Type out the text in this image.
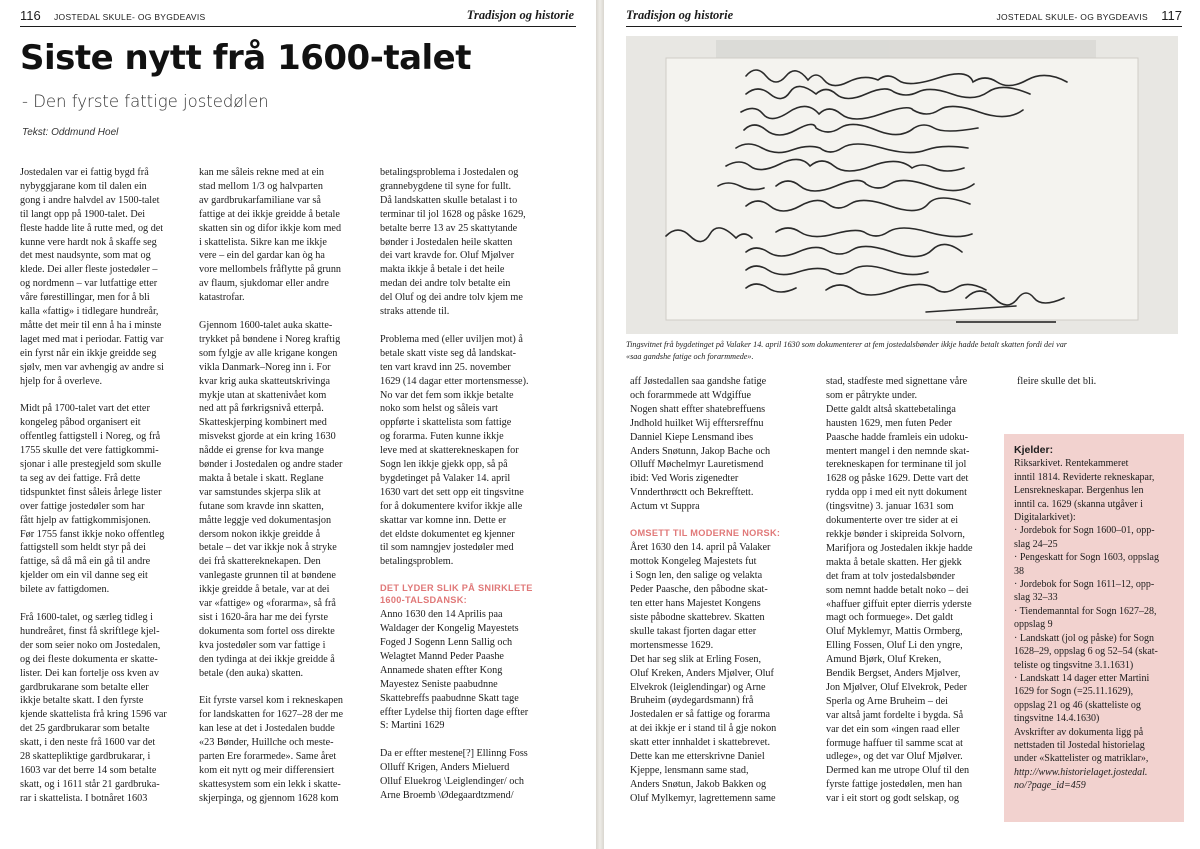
116 JOSTEDAL SKULE- OG BYGDEAVIS	Tradisjon og historie
Siste nytt frå 1600-talet
- Den fyrste fattige jostedølen
Tekst: Oddmund Hoel
Jostedalen var ei fattig bygd frå
nybyggjarane kom til dalen ein
gong i andre halvdel av 1500-talet
til langt opp på 1900-talet. Dei
fleste hadde lite å rutte med, og det
kunne vere hardt nok å skaffe seg
det mest naudsynte, som mat og
klede. Dei aller fleste jostedøler –
og nordmenn – var lutfattige etter
våre førestillingar, men for å bli
kalla «fattig» i tidlegare hundreår,
måtte det meir til enn å ha i minste
laget med mat i periodar. Fattig var
ein fyrst når ein ikkje greidde seg
sjølv, men var avhengig av andre si
hjelp for å overleve.

Midt på 1700-talet vart det etter
kongeleg påbod organisert eit
offentleg fattigstell i Noreg, og frå
1755 skulle det vere fattigkommi-
sjonar i alle prestegjeld som skulle
ta seg av dei fattige. Frå dette
tidspunktet finst såleis årlege lister
over fattige jostedøler som har
fått hjelp av fattigkommisjonen.
Før 1755 fanst ikkje noko offentleg
fattigstell som heldt styr på dei
fattige, så då må ein gå til andre
kjelder om ein vil danne seg eit
bilete av fattigdomen.

Frå 1600-talet, og særleg tidleg i
hundreåret, finst få skriftlege kjel-
der som seier noko om Jostedalen,
og dei fleste dokumenta er skatte-
lister. Dei kan fortelje oss kven av
gardbrukarane som betalte eller
ikkje betalte skatt. I den fyrste
kjende skattelista frå kring 1596 var
det 25 gardbrukarar som betalte
skatt, i den neste frå 1600 var det
28 skattepliktige gardbrukarar, i
1603 var det berre 14 som betalte
skatt, og i 1611 står 21 gardbruka-
rar i skattelista. I botnåret 1603
kan me såleis rekne med at ein
stad mellom 1/3 og halvparten
av gardbrukarfamiliane var så
fattige at dei ikkje greidde å betale
skatten sin og difor ikkje kom med
i skattelista. Sikre kan me ikkje
vere – ein del gardar kan òg ha
vore mellombels fråflytte på grunn
av flaum, sjukdomar eller andre
katastrofar.

Gjennom 1600-talet auka skatte-
trykket på bøndene i Noreg kraftig
som fylgje av alle krigane kongen
vikla Danmark–Noreg inn i. For
kvar krig auka skatteutskrivinga
mykje utan at skattenivået kom
ned att på førkrigsnivå etterpå.
Skatteskjerping kombinert med
misvekst gjorde at ein kring 1630
nådde ei grense for kva mange
bønder i Jostedalen og andre stader
makta å betale i skatt. Reglane
var samstundes skjerpa slik at
futane som kravde inn skatten,
måtte leggje ved dokumentasjon
dersom nokon ikkje greidde å
betale – det var ikkje nok å stryke
dei frå skattereknekapen. Den
vanlegaste grunnen til at bøndene
ikkje greidde å betale, var at dei
var «fattige» og «forarma», så frå
sist i 1620-åra har me dei fyrste
dokumenta som fortel oss direkte
kva jostedøler som var fattige i
den tydinga at dei ikkje greidde å
betale (den auka) skatten.

Eit fyrste varsel kom i rekneskapen
for landskatten for 1627–28 der me
kan lese at det i Jostedalen budde
«23 Bønder, Huillche och meste-
parten Ere forarmede». Same året
kom eit nytt og meir differensiert
skattesystem som ein lekk i skatte-
skjerpinga, og gjennom 1628 kom
betalingsproblema i Jostedalen og
grannebygdene til syne for fullt.
Då landskatten skulle betalast i to
terminar til jol 1628 og påske 1629,
betalte berre 13 av 25 skattytande
bønder i Jostedalen heile skatten
dei vart kravde for. Oluf Mjølver
makta ikkje å betale i det heile
medan dei andre tolv betalte ein
del Oluf og dei andre tolv kjem me
straks attende til.

Problema med (eller uviljen mot) å
betale skatt viste seg då landskat-
ten vart kravd inn 25. november
1629 (14 dagar etter mortensmesse).
No var det fem som ikkje betalte
noko som helst og såleis vart
oppførte i skattelista som fattige
og forarma. Futen kunne ikkje
leve med at skatterekneskapen for
Sogn len ikkje gjekk opp, så på
bygdetinget på Valaker 14. april
1630 vart det sett opp eit tingsvitne
for å dokumentere kvifor ikkje alle
skattar var komne inn. Dette er
det eldste dokumentet eg kjenner
til som namngjev jostedøler med
betalingsproblem.

DET LYDER SLIK PÅ SNIRKLETE
1600-TALSDANSK:
Anno 1630 den 14 Aprilis paa
Waldager der Kongelig Mayestets
Foged J Sogenn Lenn Sallig och
Welagtet Mannd Peder Paashe
Annamede shaten effter Kong
Mayestez Seniste paabudnne
Skattebreffs paabudnne Skatt tage
effter Lydelse thij fiorten dage effter
S: Martini 1629

Da er effter mestene[?] Ellinng Foss
Olluff Krigen, Anders Mieluerd
Olluf Eluekrog \Leiglendinger/ och
Arne Broemb \Ødegaardtzmend/
Tradisjon og historie	JOSTEDAL SKULE- OG BYGDEAVIS 117
Tingsvitnet frå bygdetinget på Valaker 14. april 1630 som dokumenterer at fem jostedalsbønder ikkje hadde betalt skatten fordi dei var
«saa gandshe fatige och forarmmede».
aff Jøstedallen saa gandshe fatige
och forarmmede att Wdgiffue
Nogen shatt effter shatebreffuens
Jndhold huilket Wij efftersreffnu
Danniel Kiepe Lensmand ibes
Anders Snøtunn, Jakop Bache och
Olluff Møchelmyr Lauretismend
ibid: Ved Woris zigenedter
Vnnderthrøctt och Bekrefftett.
Actum vt Suppra

OMSETT TIL MODERNE NORSK:
Året 1630 den 14. april på Valaker
mottok Kongeleg Majestets fut
i Sogn len, den salige og velakta
Peder Paasche, den påbodne skat-
ten etter hans Majestet Kongens
siste påbodne skattebrev. Skatten
skulle takast fjorten dagar etter
mortensmesse 1629.
Det har seg slik at Erling Fosen,
Oluf Kreken, Anders Mjølver, Oluf
Elvekrok (leiglendingar) og Arne
Bruheim (øydegardsmann) frå
Jostedalen er så fattige og forarma
at dei ikkje er i stand til å gje nokon
skatt etter innhaldet i skattebrevet.
Dette kan me etterskrivne Daniel
Kjeppe, lensmann same stad,
Anders Snøtun, Jakob Bakken og
Oluf Mylkemyr, lagrettemenn same
stad, stadfeste med signettane våre
som er påtrykte under.
Dette galdt altså skattebetalinga
hausten 1629, men futen Peder
Paasche hadde framleis ein udoku-
mentert mangel i den nemnde skat-
terekneskapen for terminane til jol
1628 og påske 1629. Dette vart det
rydda opp i med eit nytt dokument
(tingsvitne) 3. januar 1631 som
dokumenterte over tre sider at ei
rekkje bønder i skipreida Solvorn,
Marifjora og Jostedalen ikkje hadde
makta å betale skatten. Her gjekk
det fram at tolv jostedalsbønder
som nemnt hadde betalt noko – dei
«haffuer giffuit epter dierris yderste
magt och formuege». Det galdt
Oluf Myklemyr, Mattis Ormberg,
Elling Fossen, Oluf Li den yngre,
Amund Bjørk, Oluf Kreken,
Bendik Bergset, Anders Mjølver,
Jon Mjølver, Oluf Elvekrok, Peder
Sperla og Arne Bruheim – dei
var altså jamt fordelte i bygda. Så
var det ein som «ingen raad eller
formuge haffuer til samme scat at
udlege», og det var Oluf Mjølver.
Dermed kan me utrope Oluf til den
fyrste fattige jostedølen, men han
var i eit stort og godt selskap, og
fleire skulle det bli.
Kjelder:
Riksarkivet. Rentekammeret
inntil 1814. Reviderte rekneskapar,
Lensrekneskapar. Bergenhus len
inntil ca. 1629 (skanna utgåver i
Digitalarkivet):
· Jordebok for Sogn 1600–01, opp-
slag 24–25
· Pengeskatt for Sogn 1603, oppslag
38
· Jordebok for Sogn 1611–12, opp-
slag 32–33
· Tiendemanntal for Sogn 1627–28,
oppslag 9
· Landskatt (jol og påske) for Sogn
1628–29, oppslag 6 og 52–54 (skat-
teliste og tingsvitne 3.1.1631)
· Landskatt 14 dager etter Martini
1629 for Sogn (=25.11.1629),
oppslag 21 og 46 (skatteliste og
tingsvitne 14.4.1630)
Avskrifter av dokumenta ligg på
nettstaden til Jostedal historielag
under «Skattelister og matriklar»,
http://www.historielaget.jostedal.
no/?page_id=459
